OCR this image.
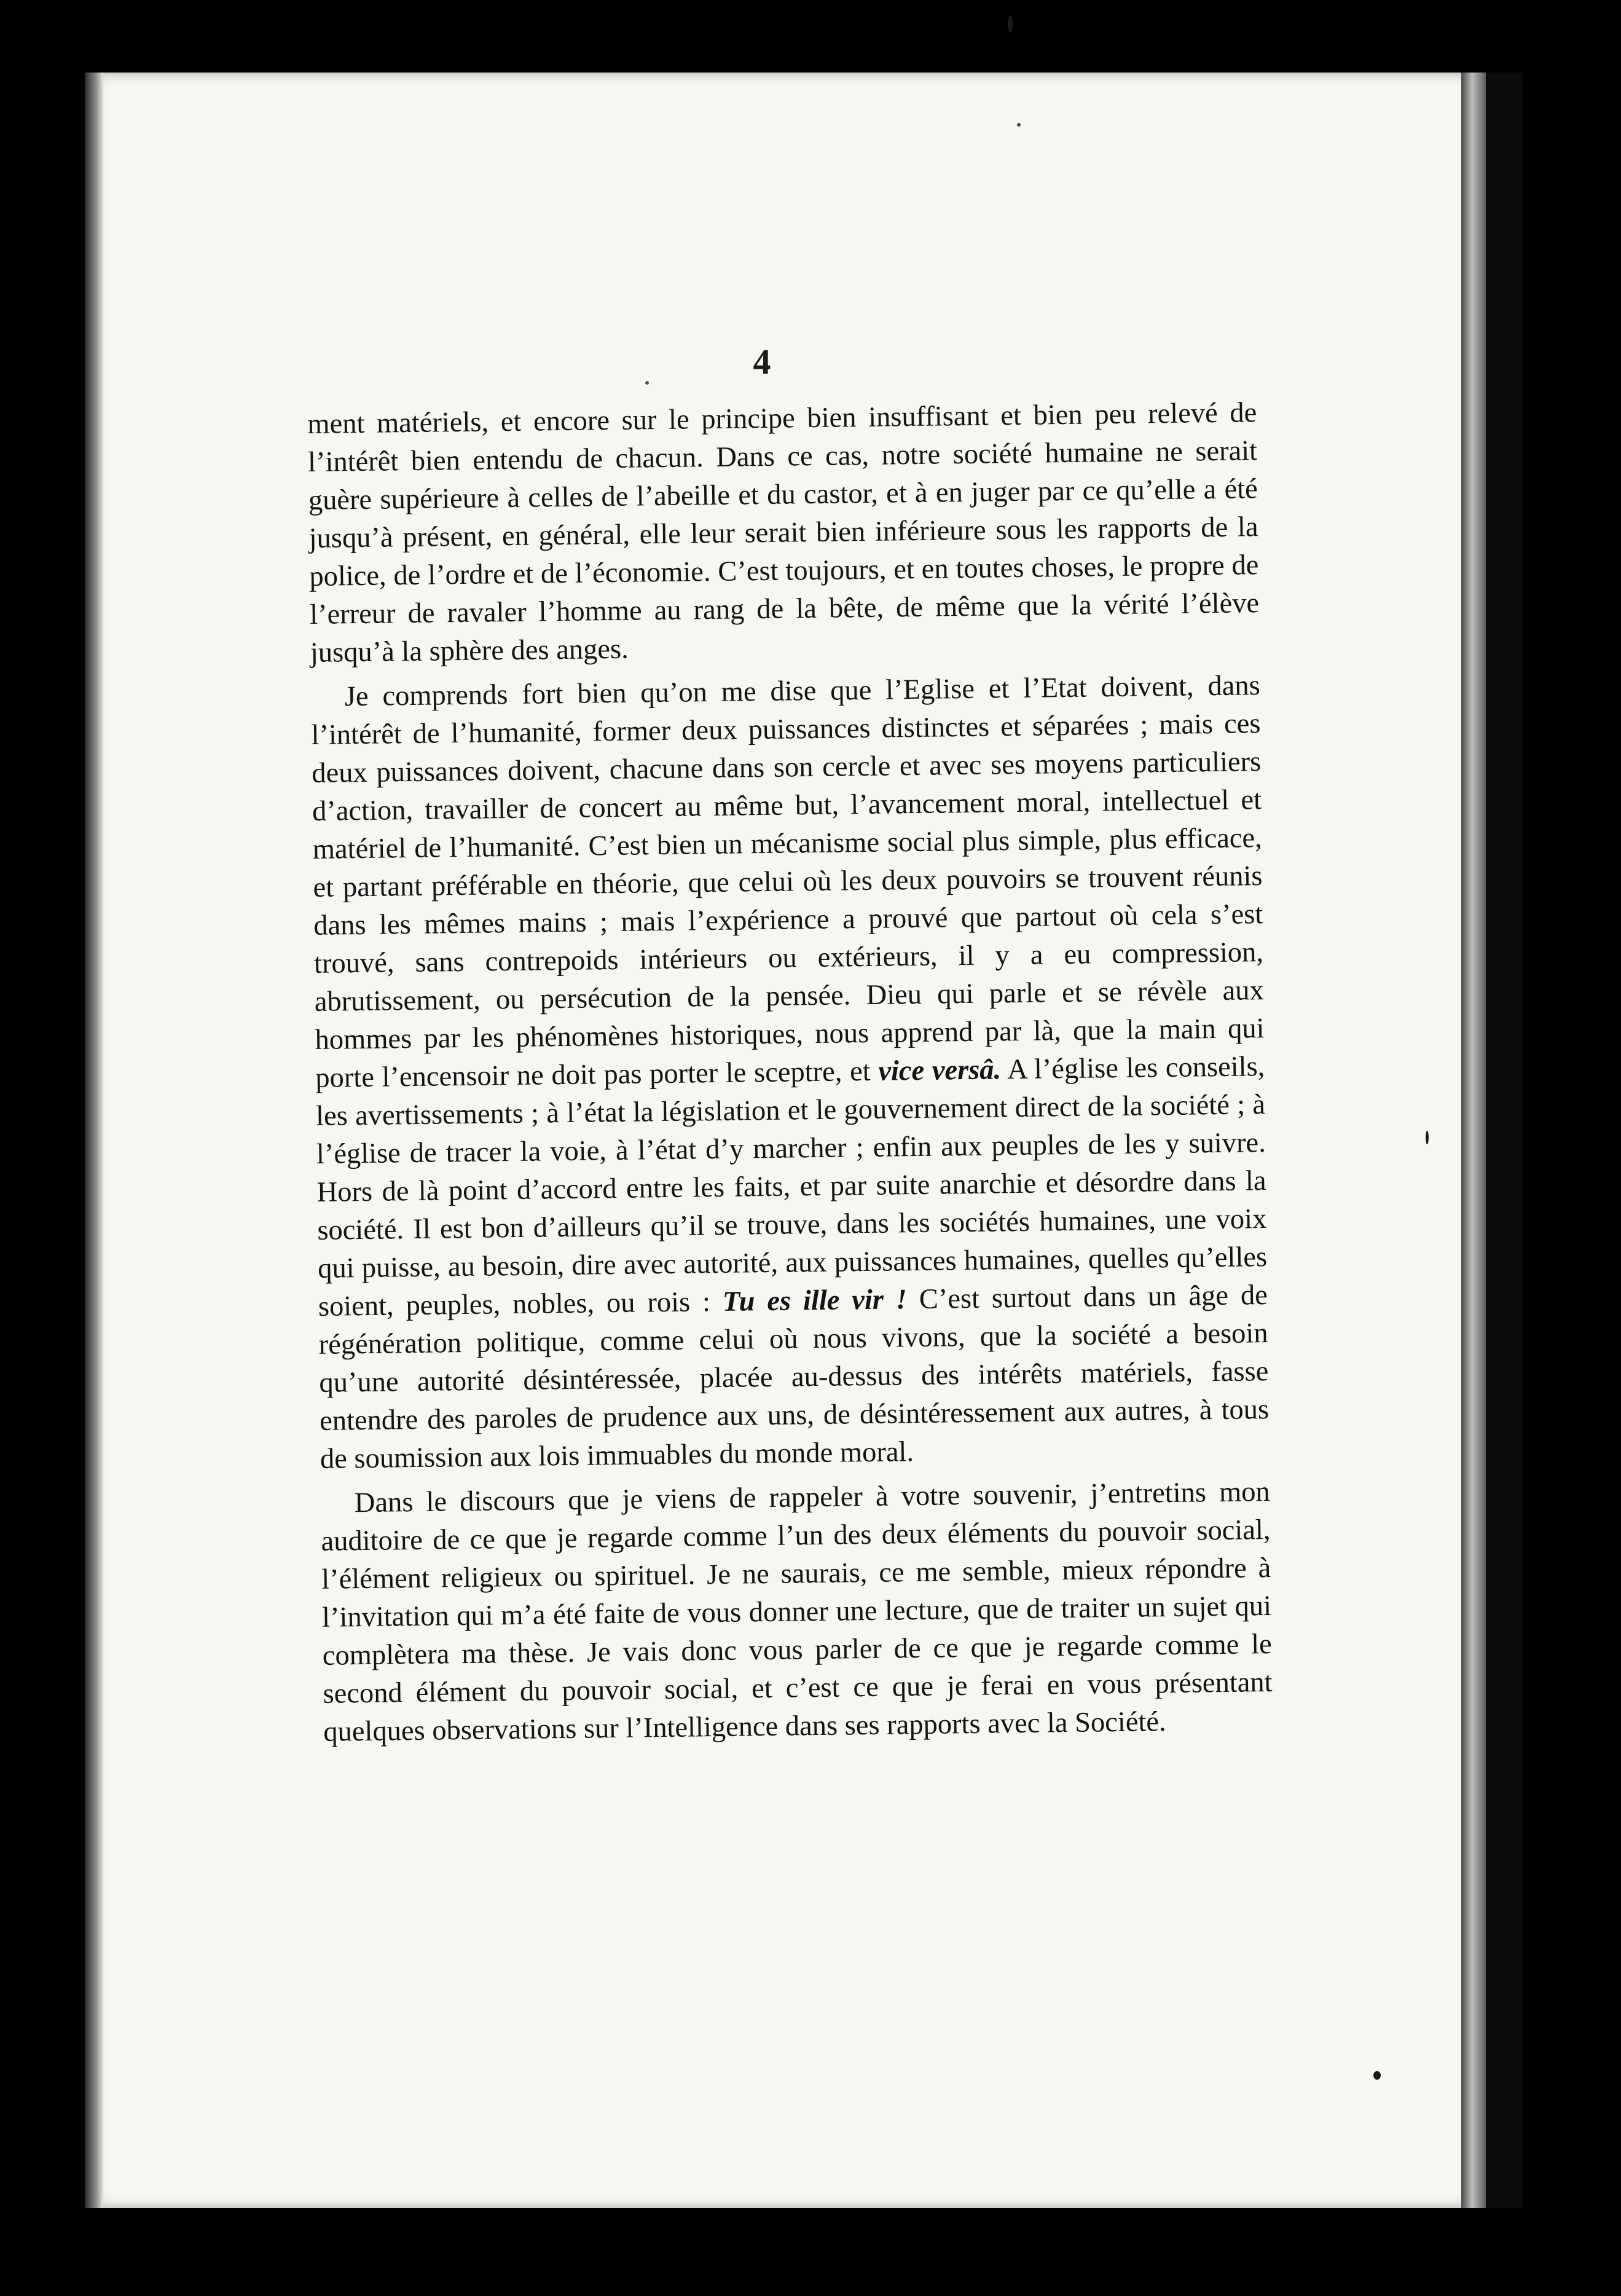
4

ment matériels, et encore sur le principe bien insuffisant et bien peu relevé de l’intérêt bien entendu de chacun. Dans ce cas, notre société humaine ne serait guère supérieure à celles de l’abeille et du castor, et à en juger par ce qu’elle a été jusqu’à présent, en général, elle leur serait bien inférieure sous les rapports de la police, de l’ordre et de l’économie. C’est toujours, et en toutes choses, le propre de l’erreur de ravaler l’homme au rang de la bête, de même que la vérité l’élève jusqu’à la sphère des anges.

Je comprends fort bien qu’on me dise que l’Eglise et l’Etat doivent, dans l’intérêt de l’humanité, former deux puissances distinctes et séparées ; mais ces deux puissances doivent, chacune dans son cercle et avec ses moyens particuliers d’action, travailler de concert au même but, l’avancement moral, intellectuel et matériel de l’humanité. C’est bien un mécanisme social plus simple, plus efficace, et partant préférable en théorie, que celui où les deux pouvoirs se trouvent réunis dans les mêmes mains ; mais l’expérience a prouvé que partout où cela s’est trouvé, sans contrepoids intérieurs ou extérieurs, il y a eu compression, abrutissement, ou persécution de la pensée. Dieu qui parle et se révèle aux hommes par les phénomènes historiques, nous apprend par là, que la main qui porte l’encensoir ne doit pas porter le sceptre, et vice versâ. A l’église les conseils, les avertissements ; à l’état la législation et le gouvernement direct de la société ; à l’église de tracer la voie, à l’état d’y marcher ; enfin aux peuples de les y suivre. Hors de là point d’accord entre les faits, et par suite anarchie et désordre dans la société. Il est bon d’ailleurs qu’il se trouve, dans les sociétés humaines, une voix qui puisse, au besoin, dire avec autorité, aux puissances humaines, quelles qu’elles soient, peuples, nobles, ou rois : Tu es ille vir ! C’est surtout dans un âge de régénération politique, comme celui où nous vivons, que la société a besoin qu’une autorité désintéressée, placée au-dessus des intérêts matériels, fasse entendre des paroles de prudence aux uns, de désintéressement aux autres, à tous de soumission aux lois immuables du monde moral.

Dans le discours que je viens de rappeler à votre souvenir, j’entretins mon auditoire de ce que je regarde comme l’un des deux éléments du pouvoir social, l’élément religieux ou spirituel. Je ne saurais, ce me semble, mieux répondre à l’invitation qui m’a été faite de vous donner une lecture, que de traiter un sujet qui complètera ma thèse. Je vais donc vous parler de ce que je regarde comme le second élément du pouvoir social, et c’est ce que je ferai en vous présentant quelques observations sur l’Intelligence dans ses rapports avec la Société.
